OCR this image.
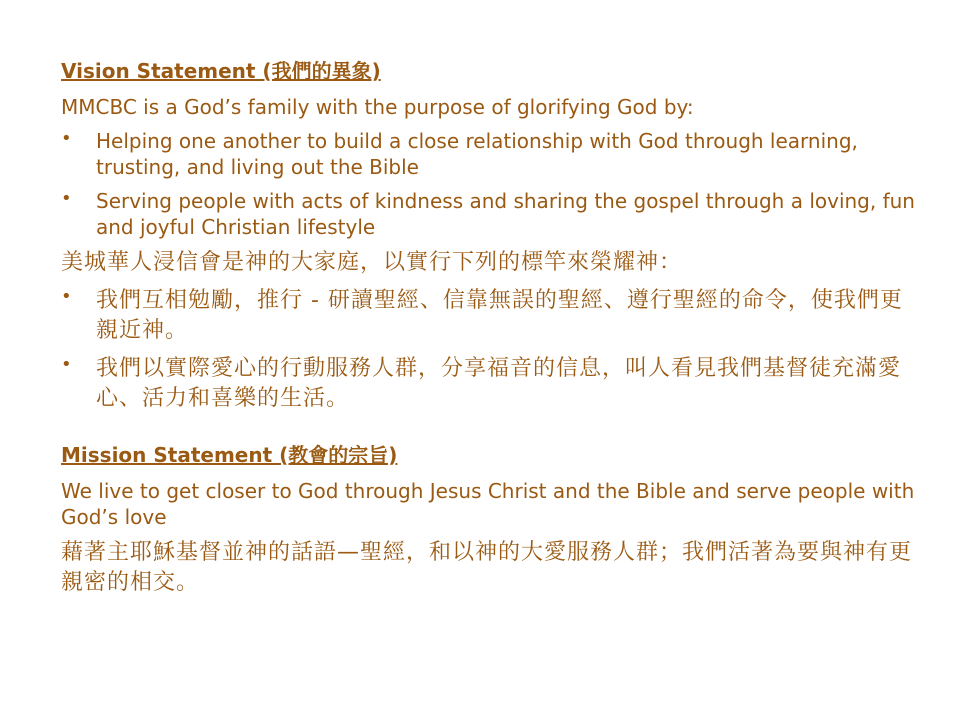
Vision Statement (我們的異象)
MMCBC is a God’s family with the purpose of glorifying God by:
• Helping one another to build a close relationship with God through learning, trusting, and living out the Bible
• Serving people with acts of kindness and sharing the gospel through a loving, fun and joyful Christian lifestyle
美城華人浸信會是神的大家庭，以實行下列的標竿來榮耀神：
• 我們互相勉勵，推行 - 研讀聖經、信靠無誤的聖經、遵行聖經的命令，使我們更親近神。
• 我們以實際愛心的行動服務人群，分享福音的信息，叫人看見我們基督徒充滿愛心、活力和喜樂的生活。
Mission Statement (教會的宗旨)
We live to get closer to God through Jesus Christ and the Bible and serve people with God’s love
藉著主耶穌基督並神的話語—聖經，和以神的大愛服務人群；我們活著為要與神有更親密的相交。
